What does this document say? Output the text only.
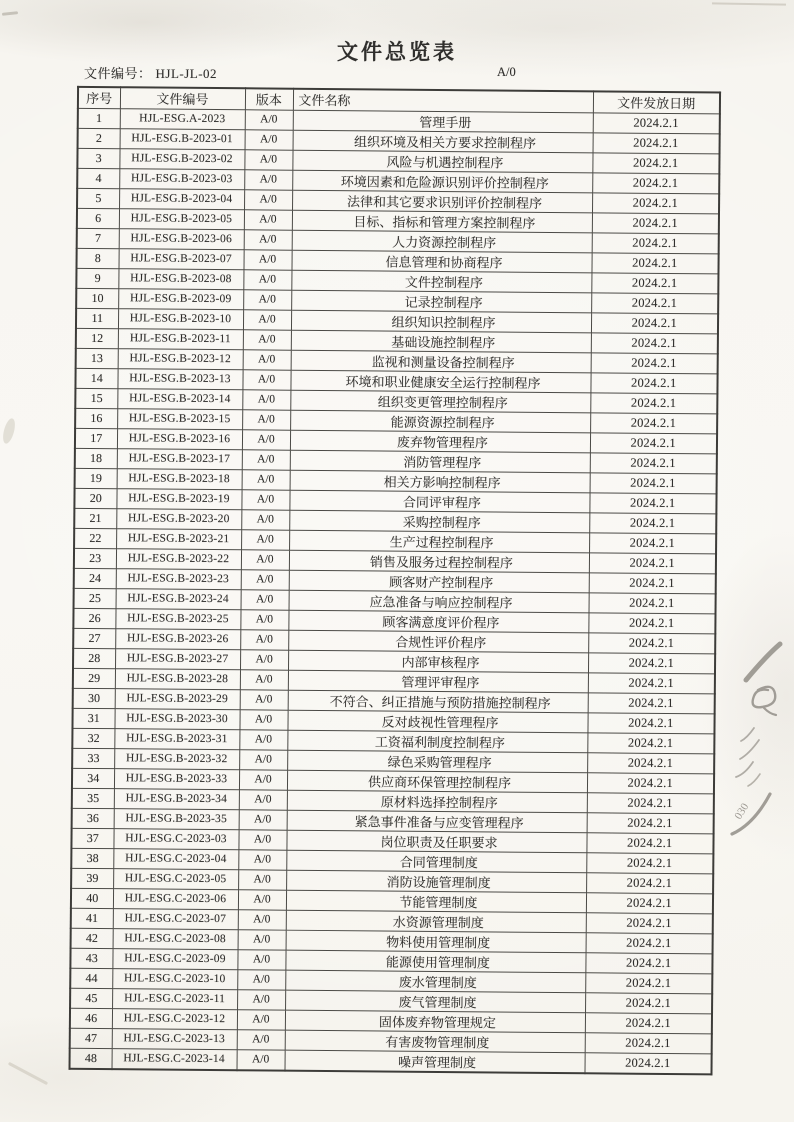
文件总览表
文件编号： HJL-JL-02	A/0
序号	文件编号	版本	文件名称	文件发放日期
1	HJL-ESG.A-2023	A/0	管理手册	2024.2.1
2	HJL-ESG.B-2023-01	A/0	组织环境及相关方要求控制程序	2024.2.1
3	HJL-ESG.B-2023-02	A/0	风险与机遇控制程序	2024.2.1
4	HJL-ESG.B-2023-03	A/0	环境因素和危险源识别评价控制程序	2024.2.1
5	HJL-ESG.B-2023-04	A/0	法律和其它要求识别评价控制程序	2024.2.1
6	HJL-ESG.B-2023-05	A/0	目标、指标和管理方案控制程序	2024.2.1
7	HJL-ESG.B-2023-06	A/0	人力资源控制程序	2024.2.1
8	HJL-ESG.B-2023-07	A/0	信息管理和协商程序	2024.2.1
9	HJL-ESG.B-2023-08	A/0	文件控制程序	2024.2.1
10	HJL-ESG.B-2023-09	A/0	记录控制程序	2024.2.1
11	HJL-ESG.B-2023-10	A/0	组织知识控制程序	2024.2.1
12	HJL-ESG.B-2023-11	A/0	基础设施控制程序	2024.2.1
13	HJL-ESG.B-2023-12	A/0	监视和测量设备控制程序	2024.2.1
14	HJL-ESG.B-2023-13	A/0	环境和职业健康安全运行控制程序	2024.2.1
15	HJL-ESG.B-2023-14	A/0	组织变更管理控制程序	2024.2.1
16	HJL-ESG.B-2023-15	A/0	能源资源控制程序	2024.2.1
17	HJL-ESG.B-2023-16	A/0	废弃物管理程序	2024.2.1
18	HJL-ESG.B-2023-17	A/0	消防管理程序	2024.2.1
19	HJL-ESG.B-2023-18	A/0	相关方影响控制程序	2024.2.1
20	HJL-ESG.B-2023-19	A/0	合同评审程序	2024.2.1
21	HJL-ESG.B-2023-20	A/0	采购控制程序	2024.2.1
22	HJL-ESG.B-2023-21	A/0	生产过程控制程序	2024.2.1
23	HJL-ESG.B-2023-22	A/0	销售及服务过程控制程序	2024.2.1
24	HJL-ESG.B-2023-23	A/0	顾客财产控制程序	2024.2.1
25	HJL-ESG.B-2023-24	A/0	应急准备与响应控制程序	2024.2.1
26	HJL-ESG.B-2023-25	A/0	顾客满意度评价程序	2024.2.1
27	HJL-ESG.B-2023-26	A/0	合规性评价程序	2024.2.1
28	HJL-ESG.B-2023-27	A/0	内部审核程序	2024.2.1
29	HJL-ESG.B-2023-28	A/0	管理评审程序	2024.2.1
30	HJL-ESG.B-2023-29	A/0	不符合、纠正措施与预防措施控制程序	2024.2.1
31	HJL-ESG.B-2023-30	A/0	反对歧视性管理程序	2024.2.1
32	HJL-ESG.B-2023-31	A/0	工资福利制度控制程序	2024.2.1
33	HJL-ESG.B-2023-32	A/0	绿色采购管理程序	2024.2.1
34	HJL-ESG.B-2023-33	A/0	供应商环保管理控制程序	2024.2.1
35	HJL-ESG.B-2023-34	A/0	原材料选择控制程序	2024.2.1
36	HJL-ESG.B-2023-35	A/0	紧急事件准备与应变管理程序	2024.2.1
37	HJL-ESG.C-2023-03	A/0	岗位职责及任职要求	2024.2.1
38	HJL-ESG.C-2023-04	A/0	合同管理制度	2024.2.1
39	HJL-ESG.C-2023-05	A/0	消防设施管理制度	2024.2.1
40	HJL-ESG.C-2023-06	A/0	节能管理制度	2024.2.1
41	HJL-ESG.C-2023-07	A/0	水资源管理制度	2024.2.1
42	HJL-ESG.C-2023-08	A/0	物料使用管理制度	2024.2.1
43	HJL-ESG.C-2023-09	A/0	能源使用管理制度	2024.2.1
44	HJL-ESG.C-2023-10	A/0	废水管理制度	2024.2.1
45	HJL-ESG.C-2023-11	A/0	废气管理制度	2024.2.1
46	HJL-ESG.C-2023-12	A/0	固体废弃物管理规定	2024.2.1
47	HJL-ESG.C-2023-13	A/0	有害废物管理制度	2024.2.1
48	HJL-ESG.C-2023-14	A/0	噪声管理制度	2024.2.1
030
